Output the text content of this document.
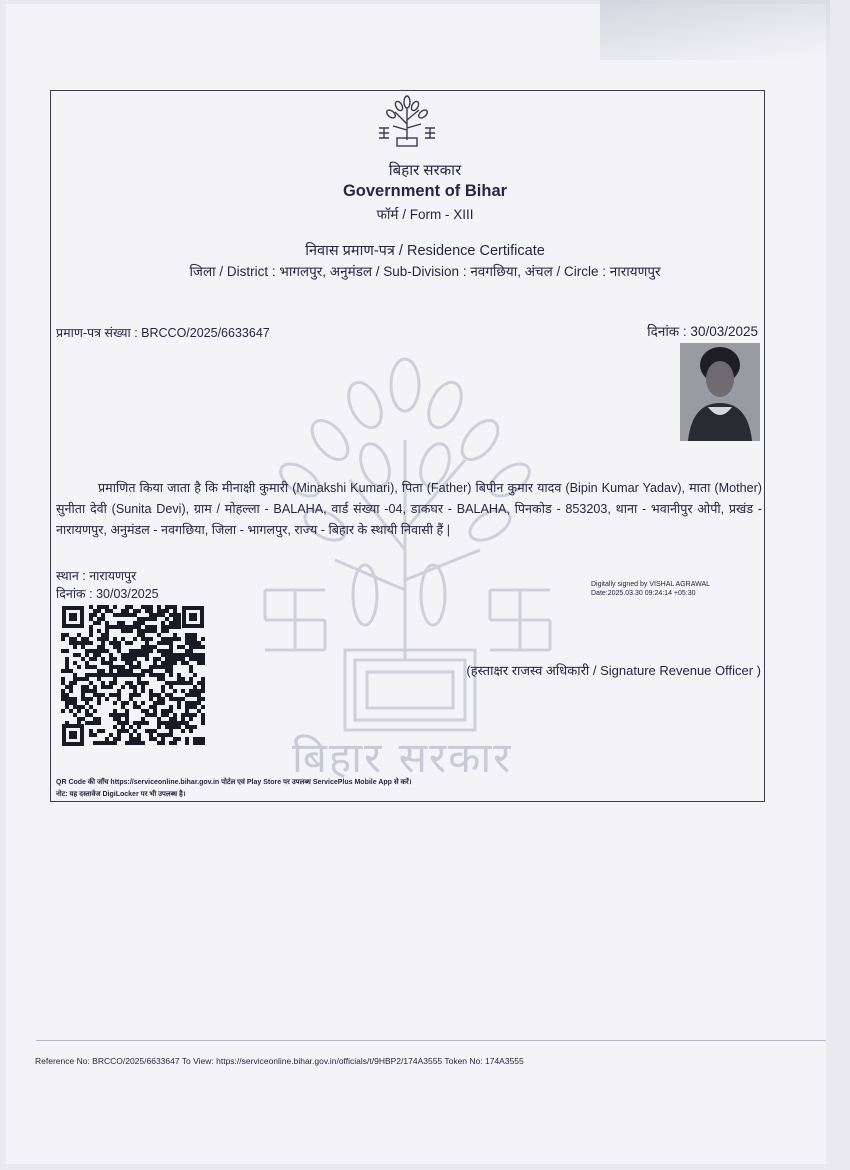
बिहार सरकार
बिहार सरकार
Government of Bihar
फॉर्म / Form - XIII
निवास प्रमाण-पत्र / Residence Certificate
जिला / District : भागलपुर, अनुमंडल / Sub-Division : नवगछिया, अंचल / Circle : नारायणपुर
प्रमाण-पत्र संख्या : BRCCO/2025/6633647	दिनांक : 30/03/2025
प्रमाणित किया जाता है कि मीनाक्षी कुमारी (Minakshi Kumari), पिता (Father) बिपीन कुमार यादव (Bipin Kumar Yadav), माता (Mother) सुनीता देवी (Sunita Devi), ग्राम / मोहल्ला - BALAHA, वार्ड संख्या -04, डाकघर - BALAHA, पिनकोड - 853203, थाना - भवानीपुर ओपी, प्रखंड - नारायणपुर, अनुमंडल - नवगछिया, जिला - भागलपुर, राज्य - बिहार के स्थायी निवासी हैं |
स्थान : नारायणपुर
दिनांक : 30/03/2025
Digitally signed by VISHAL AGRAWAL
Date:2025.03.30 09:24:14 +05:30
(हस्ताक्षर राजस्व अधिकारी / Signature Revenue Officer )
QR Code की जाँच https://serviceonline.bihar.gov.in पोर्टल एवं Play Store पर उपलब्ध ServicePlus Mobile App से करें।
नोट: यह दस्तावेज DigiLocker पर भी उपलब्ध है।
Reference No: BRCCO/2025/6633647 To View: https://serviceonline.bihar.gov.in/officials/t/9HBP2/174A3555 Token No: 174A3555
